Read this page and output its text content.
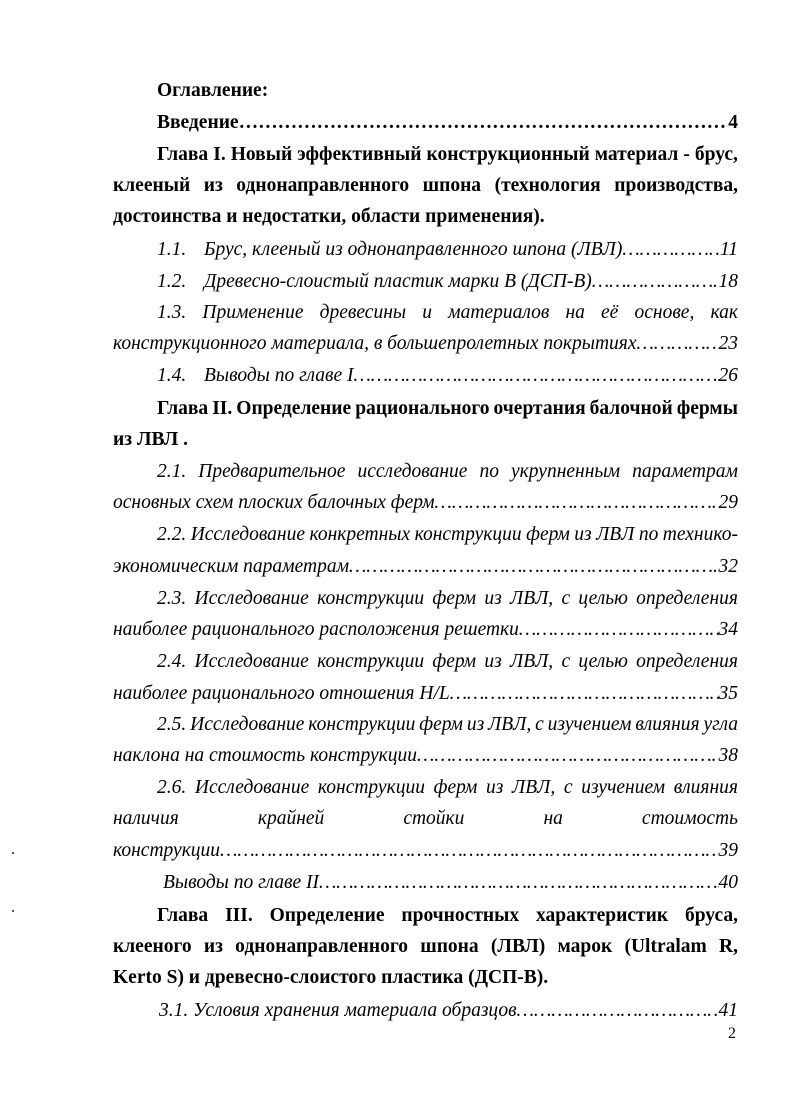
Оглавление:
Введение ………………………………………………………………………………………………………………………………………………………………………………	4
Глава I. Новый эффективный конструкционный материал - брус,
клееный из однонаправленного шпона (технология производства,
достоинства и недостатки, области применения).
1.1. Брус, клееный из однонаправленного шпона (ЛВЛ) ………………………………………………………………………………………………………………………………………………………………………………	11
1.2. Древесно-слоистый пластик марки В (ДСП-В) ………………………………………………………………………………………………………………………………………………………………………………	18
1.3. Применение древесины и материалов на её основе, как
конструкционного материала, в большепролетных покрытиях ………………………………………………………………………………………………………………………………………………………………………………	23
1.4. Выводы по главе I ………………………………………………………………………………………………………………………………………………………………………………	26
Глава II. Определение рационального очертания балочной фермы
из ЛВЛ .
2.1. Предварительное исследование по укрупненным параметрам
основных схем плоских балочных ферм ………………………………………………………………………………………………………………………………………………………………………………	29
2.2. Исследование конкретных конструкции ферм из ЛВЛ по технико-
экономическим параметрам ………………………………………………………………………………………………………………………………………………………………………………	32
2.3. Исследование конструкции ферм из ЛВЛ, с целью определения
наиболее рационального расположения решетки ………………………………………………………………………………………………………………………………………………………………………………	34
2.4. Исследование конструкции ферм из ЛВЛ, с целью определения
наиболее рационального отношения H/L ………………………………………………………………………………………………………………………………………………………………………………	35
2.5. Исследование конструкции ферм из ЛВЛ, с изучением влияния угла
наклона на стоимость конструкции ………………………………………………………………………………………………………………………………………………………………………………	38
2.6. Исследование конструкции ферм из ЛВЛ, с изучением влияния
наличия	крайней	стойки	на	стоимость
конструкции ………………………………………………………………………………………………………………………………………………………………………………	39
Выводы по главе II ………………………………………………………………………………………………………………………………………………………………………………	40
Глава III. Определение прочностных характеристик бруса,
клееного из однонаправленного шпона (ЛВЛ) марок (Ultralam R,
Kerto S) и древесно-слоистого пластика (ДСП-В).
3.1. Условия хранения материала образцов ………………………………………………………………………………………………………………………………………………………………………………	41
2
